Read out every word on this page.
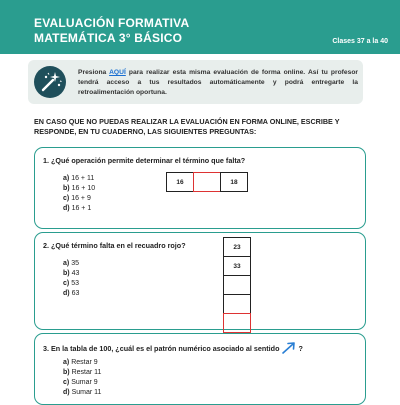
EVALUACIÓN FORMATIVA
MATEMÁTICA 3° BÁSICO	Clases 37 a la 40
Presiona AQUÍ para realizar esta misma evaluación de forma online. Así tu profesor tendrá acceso a tus resultados automáticamente y podrá entregarte la retroalimentación oportuna.
EN CASO QUE NO PUEDAS REALIZAR LA EVALUACIÓN EN FORMA ONLINE, ESCRIBE Y RESPONDE, EN TU CUADERNO, LAS SIGUIENTES PREGUNTAS:
1. ¿Qué operación permite determinar el término que falta?
a) 16 + 11
b) 16 + 10
c) 16 + 9
d) 16 + 1
16	18
2. ¿Qué término falta en el recuadro rojo?
a) 35
b) 43
c) 53
d) 63
23
33
3. En la tabla de 100, ¿cuál es el patrón numérico asociado al sentido	?
a) Restar 9
b) Restar 11
c) Sumar 9
d) Sumar 11
